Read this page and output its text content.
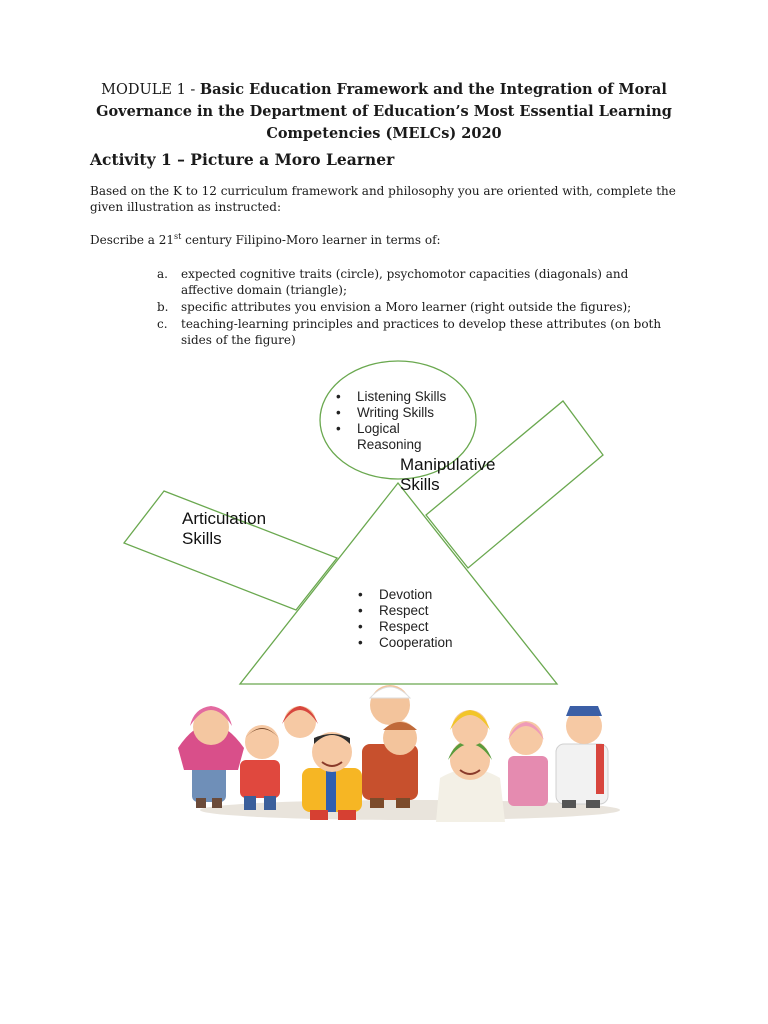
MODULE 1 - Basic Education Framework and the Integration of Moral Governance in the Department of Education’s Most Essential Learning Competencies (MELCs) 2020
Activity 1 – Picture a Moro Learner
Based on the K to 12 curriculum framework and philosophy you are oriented with, complete the given illustration as instructed:
Describe a 21st century Filipino-Moro learner in terms of:
a. expected cognitive traits (circle), psychomotor capacities (diagonals) and affective domain (triangle);
b. specific attributes you envision a Moro learner (right outside the figures);
c. teaching-learning principles and practices to develop these attributes (on both sides of the figure)
• Listening Skills
• Writing Skills
• Logical Reasoning
Manipulative Skills
Articulation Skills
• Devotion
• Respect
• Respect
• Cooperation
